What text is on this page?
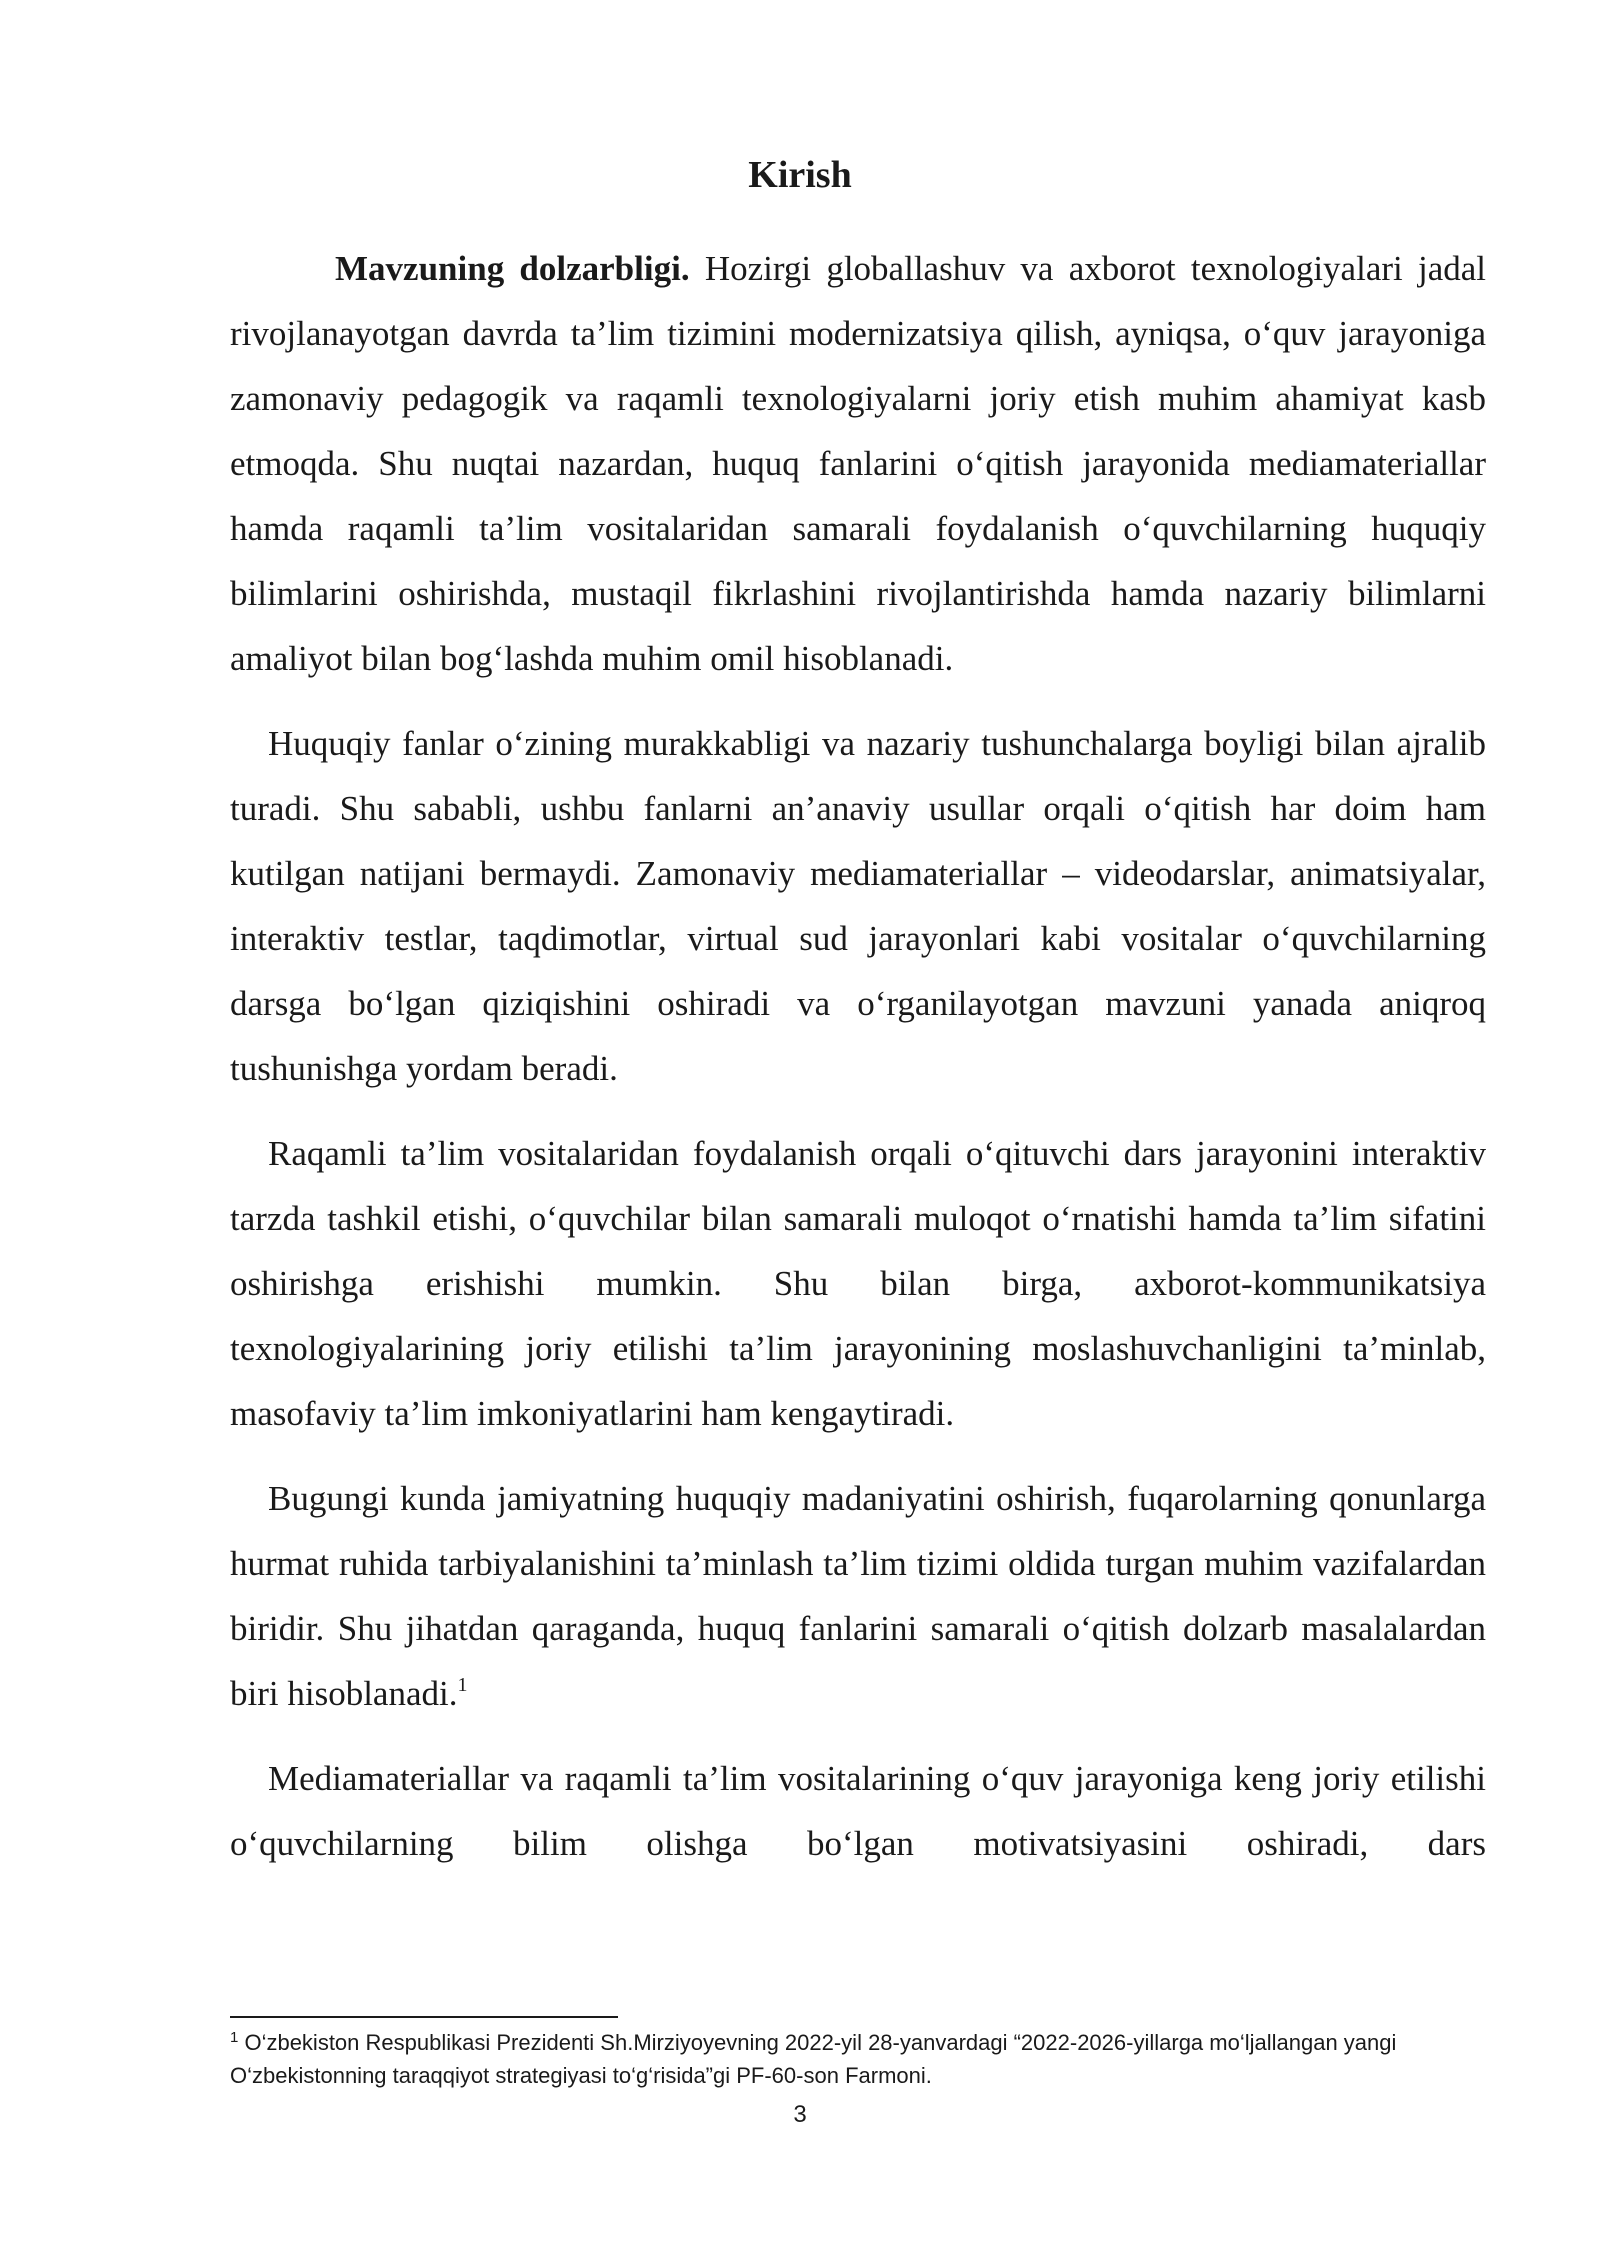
Kirish

Mavzuning dolzarbligi. Hozirgi globallashuv va axborot texnologiyalari jadal rivojlanayotgan davrda ta’lim tizimini modernizatsiya qilish, ayniqsa, o‘quv jarayoniga zamonaviy pedagogik va raqamli texnologiyalarni joriy etish muhim ahamiyat kasb etmoqda. Shu nuqtai nazardan, huquq fanlarini o‘qitish jarayonida mediamateriallar hamda raqamli ta’lim vositalaridan samarali foydalanish o‘quvchilarning huquqiy bilimlarini oshirishda, mustaqil fikrlashini rivojlantirishda hamda nazariy bilimlarni amaliyot bilan bog‘lashda muhim omil hisoblanadi.

Huquqiy fanlar o‘zining murakkabligi va nazariy tushunchalarga boyligi bilan ajralib turadi. Shu sababli, ushbu fanlarni an’anaviy usullar orqali o‘qitish har doim ham kutilgan natijani bermaydi. Zamonaviy mediamateriallar – videodarslar, animatsiyalar, interaktiv testlar, taqdimotlar, virtual sud jarayonlari kabi vositalar o‘quvchilarning darsga bo‘lgan qiziqishini oshiradi va o‘rganilayotgan mavzuni yanada aniqroq tushunishga yordam beradi.

Raqamli ta’lim vositalaridan foydalanish orqali o‘qituvchi dars jarayonini interaktiv tarzda tashkil etishi, o‘quvchilar bilan samarali muloqot o‘rnatishi hamda ta’lim sifatini oshirishga erishishi mumkin. Shu bilan birga, axborot-kommunikatsiya texnologiyalarining joriy etilishi ta’lim jarayonining moslashuvchanligini ta’minlab, masofaviy ta’lim imkoniyatlarini ham kengaytiradi.

Bugungi kunda jamiyatning huquqiy madaniyatini oshirish, fuqarolarning qonunlarga hurmat ruhida tarbiyalanishini ta’minlash ta’lim tizimi oldida turgan muhim vazifalardan biridir. Shu jihatdan qaraganda, huquq fanlarini samarali o‘qitish dolzarb masalalardan biri hisoblanadi.$^1$

Mediamateriallar va raqamli ta’lim vositalarining o‘quv jarayoniga keng joriy etilishi o‘quvchilarning bilim olishga bo‘lgan motivatsiyasini oshiradi, dars

$^1$ O‘zbekiston Respublikasi Prezidenti Sh.Mirziyoyevning 2022-yil 28-yanvardagi “2022-2026-yillarga mo‘ljallangan yangi O‘zbekistonning taraqqiyot strategiyasi to‘g‘risida”gi PF-60-son Farmoni.

3
